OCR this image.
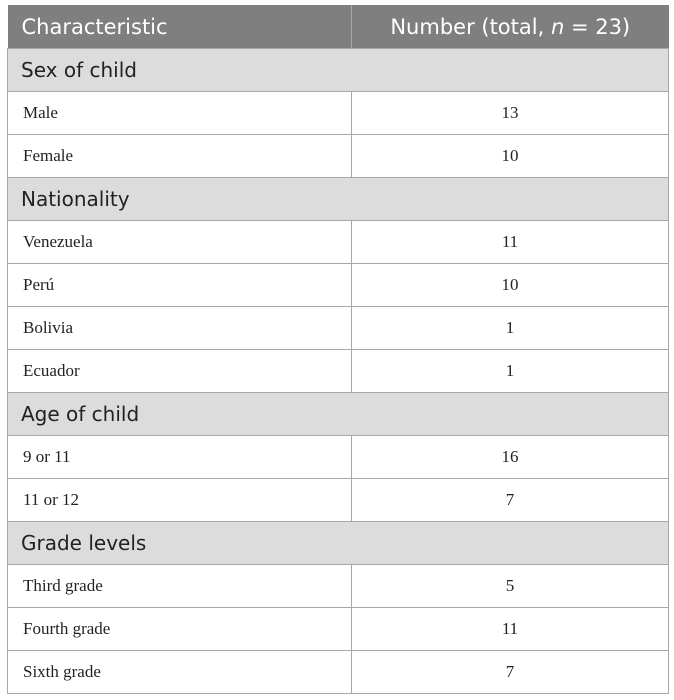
Characteristic	Number (total, n = 23)
Sex of child	
Male	13
Female	10
Nationality	
Venezuela	11
Perú	10
Bolivia	1
Ecuador	1
Age of child	
9 or 11	16
11 or 12	7
Grade levels	
Third grade	5
Fourth grade	11
Sixth grade	7
